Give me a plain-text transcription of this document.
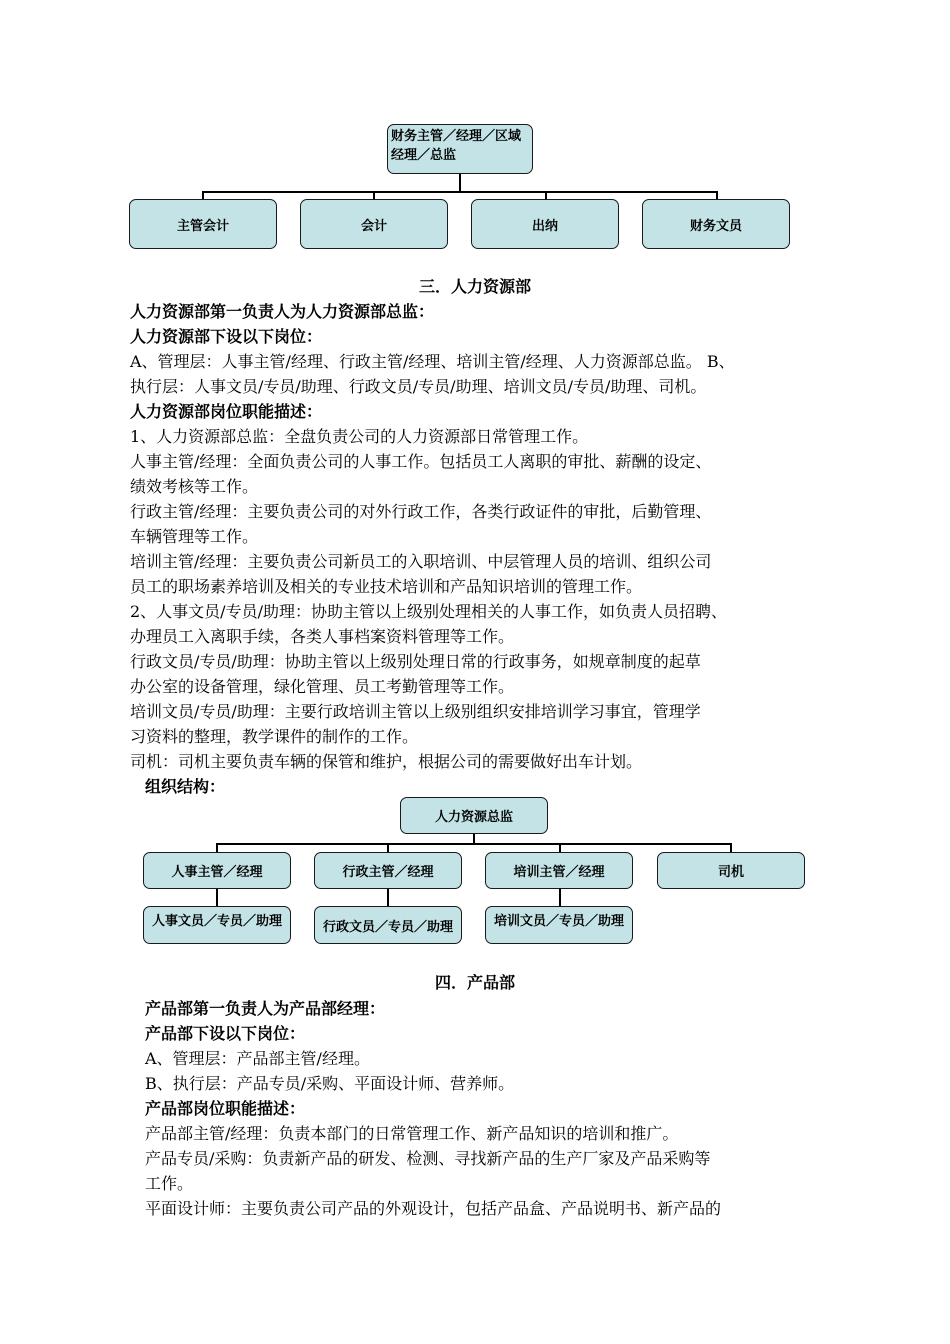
财务主管／经理／区域经理／总监
主管会计	会计	出纳	财务文员
三．人力资源部
人力资源部第一负责人为人力资源部总监：
人力资源部下设以下岗位：
A、管理层：人事主管/经理、行政主管/经理、培训主管/经理、人力资源部总监。 B、
执行层：人事文员/专员/助理、行政文员/专员/助理、培训文员/专员/助理、司机。
人力资源部岗位职能描述：
1、人力资源部总监：全盘负责公司的人力资源部日常管理工作。
人事主管/经理：全面负责公司的人事工作。包括员工人离职的审批、薪酬的设定、
绩效考核等工作。
行政主管/经理：主要负责公司的对外行政工作，各类行政证件的审批，后勤管理、
车辆管理等工作。
培训主管/经理：主要负责公司新员工的入职培训、中层管理人员的培训、组织公司
员工的职场素养培训及相关的专业技术培训和产品知识培训的管理工作。
2、人事文员/专员/助理：协助主管以上级别处理相关的人事工作，如负责人员招聘、
办理员工入离职手续，各类人事档案资料管理等工作。
行政文员/专员/助理：协助主管以上级别处理日常的行政事务，如规章制度的起草
办公室的设备管理，绿化管理、员工考勤管理等工作。
培训文员/专员/助理：主要行政培训主管以上级别组织安排培训学习事宜，管理学
习资料的整理，教学课件的制作的工作。
司机：司机主要负责车辆的保管和维护，根据公司的需要做好出车计划。
组织结构：
人力资源总监
人事主管／经理	行政主管／经理	培训主管／经理	司机
人事文员／专员／助理	行政文员／专员／助理	培训文员／专员／助理
四．产品部
产品部第一负责人为产品部经理：
产品部下设以下岗位：
A、管理层：产品部主管/经理。
B、执行层：产品专员/采购、平面设计师、营养师。
产品部岗位职能描述：
产品部主管/经理：负责本部门的日常管理工作、新产品知识的培训和推广。
产品专员/采购：负责新产品的研发、检测、寻找新产品的生产厂家及产品采购等
工作。
平面设计师：主要负责公司产品的外观设计，包括产品盒、产品说明书、新产品的
